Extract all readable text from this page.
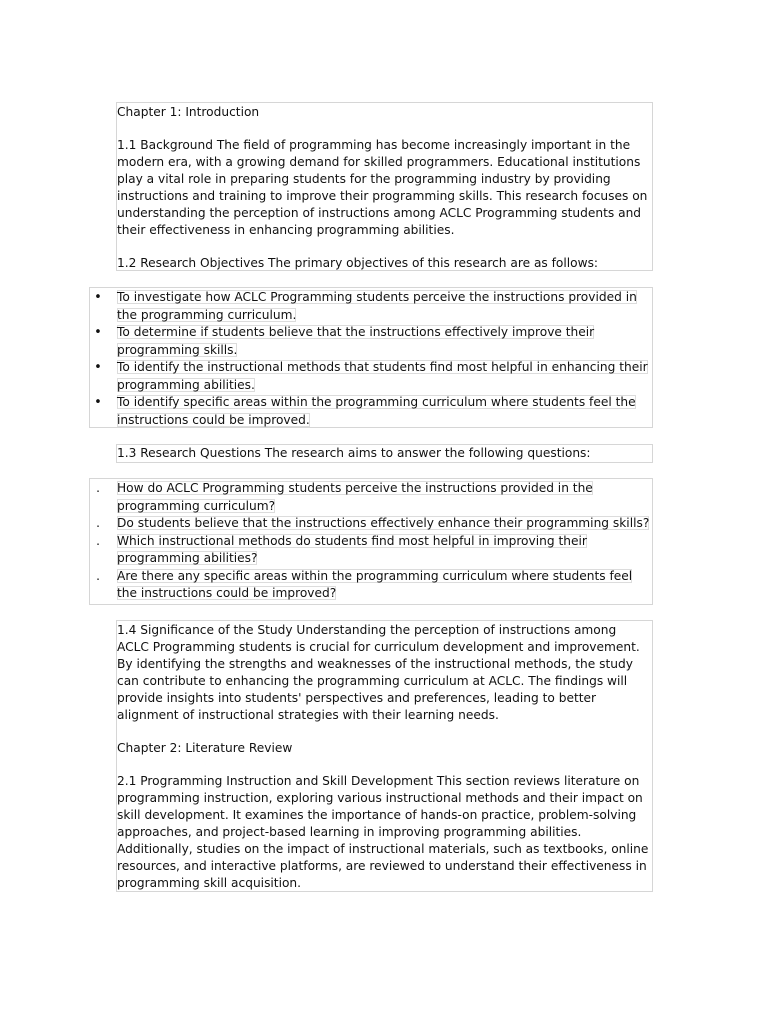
Chapter 1: Introduction

1.1 Background The field of programming has become increasingly important in the modern era, with a growing demand for skilled programmers. Educational institutions play a vital role in preparing students for the programming industry by providing instructions and training to improve their programming skills. This research focuses on understanding the perception of instructions among ACLC Programming students and their effectiveness in enhancing programming abilities.

1.2 Research Objectives The primary objectives of this research are as follows:

• To investigate how ACLC Programming students perceive the instructions provided in the programming curriculum.
• To determine if students believe that the instructions effectively improve their programming skills.
• To identify the instructional methods that students find most helpful in enhancing their programming abilities.
• To identify specific areas within the programming curriculum where students feel the instructions could be improved.

1.3 Research Questions The research aims to answer the following questions:

. How do ACLC Programming students perceive the instructions provided in the programming curriculum?
. Do students believe that the instructions effectively enhance their programming skills?
. Which instructional methods do students find most helpful in improving their programming abilities?
. Are there any specific areas within the programming curriculum where students feel the instructions could be improved?

1.4 Significance of the Study Understanding the perception of instructions among ACLC Programming students is crucial for curriculum development and improvement. By identifying the strengths and weaknesses of the instructional methods, the study can contribute to enhancing the programming curriculum at ACLC. The findings will provide insights into students' perspectives and preferences, leading to better alignment of instructional strategies with their learning needs.

Chapter 2: Literature Review

2.1 Programming Instruction and Skill Development This section reviews literature on programming instruction, exploring various instructional methods and their impact on skill development. It examines the importance of hands-on practice, problem-solving approaches, and project-based learning in improving programming abilities. Additionally, studies on the impact of instructional materials, such as textbooks, online resources, and interactive platforms, are reviewed to understand their effectiveness in programming skill acquisition.
